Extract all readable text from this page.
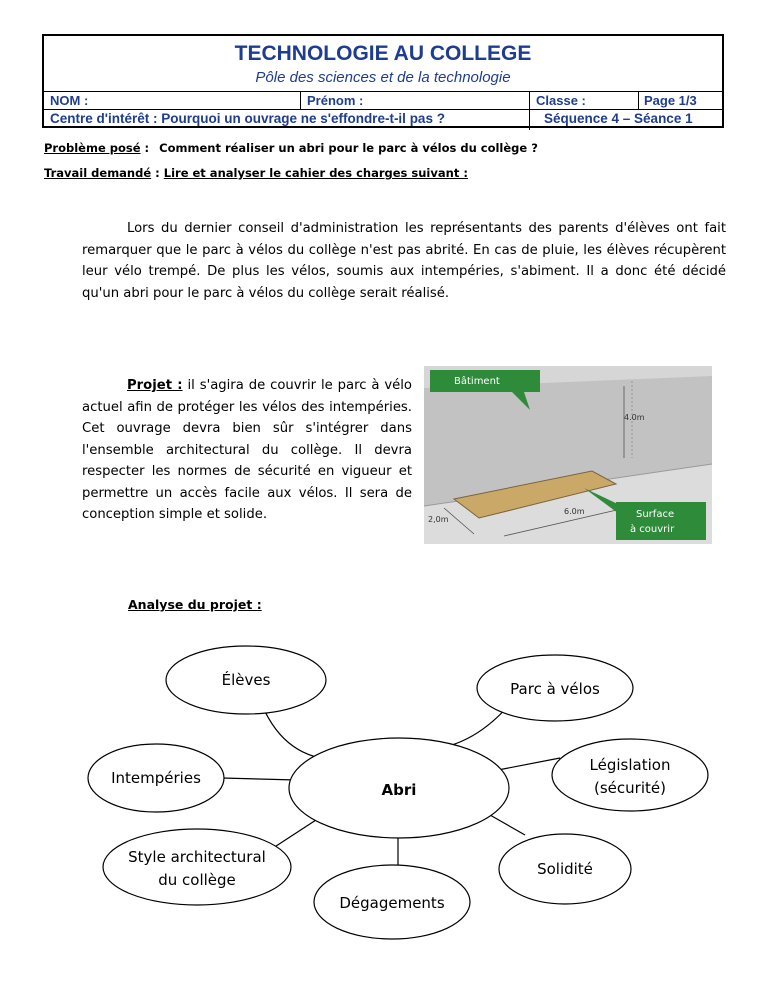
TECHNOLOGIE AU COLLEGE
Pôle des sciences et de la technologie
NOM :	Prénom :	Classe :	Page 1/3
Centre d'intérêt : Pourquoi un ouvrage ne s'effondre-t-il pas ?	Séquence 4 – Séance 1
Problème posé : Comment réaliser un abri pour le parc à vélos du collège ?
Travail demandé : Lire et analyser le cahier des charges suivant :
Lors du dernier conseil d'administration les représentants des parents d'élèves ont fait remarquer que le parc à vélos du collège n'est pas abrité. En cas de pluie, les élèves récupèrent leur vélo trempé. De plus les vélos, soumis aux intempéries, s'abiment. Il a donc été décidé qu'un abri pour le parc à vélos du collège serait réalisé.
Projet : il s'agira de couvrir le parc à vélo actuel afin de protéger les vélos des intempéries. Cet ouvrage devra bien sûr s'intégrer dans l'ensemble architectural du collège. Il devra respecter les normes de sécurité en vigueur et permettre un accès facile aux vélos. Il sera de conception simple et solide.
4.0m
6.0m
2,0m
Bâtiment
Surface
à couvrir
Analyse du projet :
Abri
Élèves	Parc à vélos
Intempéries
Législation
(sécurité)
Style architectural
du collège
Solidité
Dégagements
